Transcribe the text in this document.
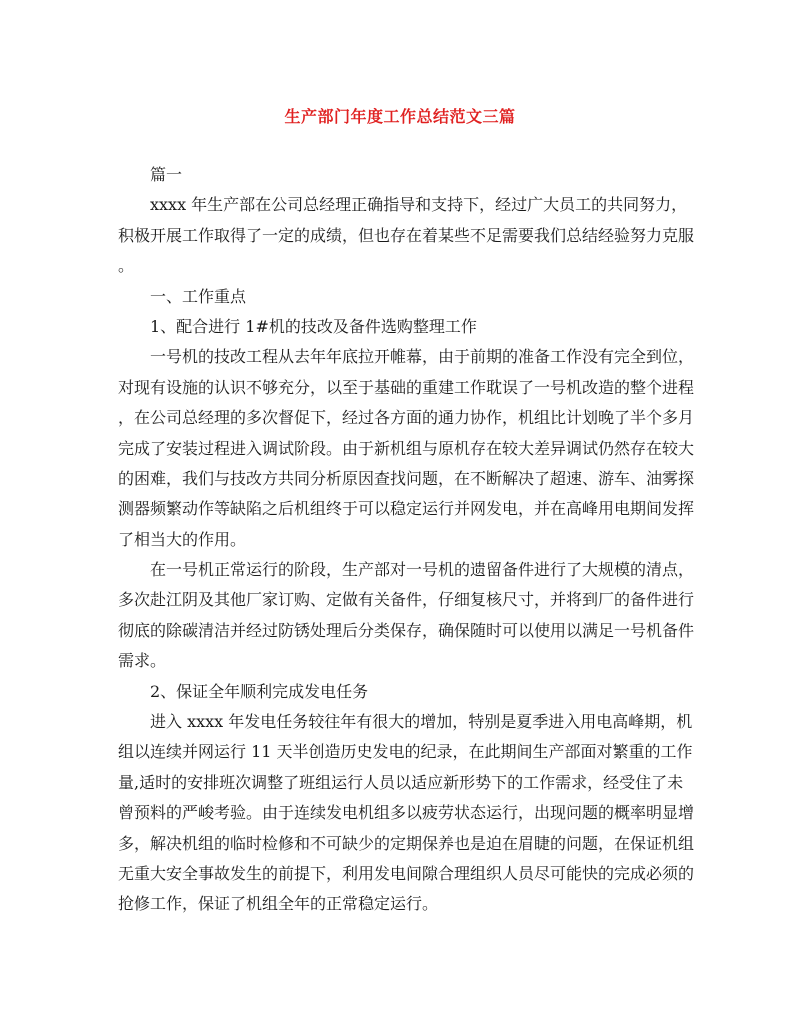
生产部门年度工作总结范文三篇
篇一
xxxx 年生产部在公司总经理正确指导和支持下，经过广大员工的共同努力，
积极开展工作取得了一定的成绩，但也存在着某些不足需要我们总结经验努力克服
。
一、工作重点
1、配合进行 1#机的技改及备件选购整理工作
一号机的技改工程从去年年底拉开帷幕，由于前期的准备工作没有完全到位，
对现有设施的认识不够充分，以至于基础的重建工作耽误了一号机改造的整个进程
，在公司总经理的多次督促下，经过各方面的通力协作，机组比计划晚了半个多月
完成了安装过程进入调试阶段。由于新机组与原机存在较大差异调试仍然存在较大
的困难，我们与技改方共同分析原因查找问题，在不断解决了超速、游车、油雾探
测器频繁动作等缺陷之后机组终于可以稳定运行并网发电，并在高峰用电期间发挥
了相当大的作用。
在一号机正常运行的阶段，生产部对一号机的遗留备件进行了大规模的清点，
多次赴江阴及其他厂家订购、定做有关备件，仔细复核尺寸，并将到厂的备件进行
彻底的除碳清洁并经过防锈处理后分类保存，确保随时可以使用以满足一号机备件
需求。
2、保证全年顺利完成发电任务
进入 xxxx 年发电任务较往年有很大的增加，特别是夏季进入用电高峰期，机
组以连续并网运行 11 天半创造历史发电的纪录，在此期间生产部面对繁重的工作
量,适时的安排班次调整了班组运行人员以适应新形势下的工作需求，经受住了未
曾预料的严峻考验。由于连续发电机组多以疲劳状态运行，出现问题的概率明显增
多，解决机组的临时检修和不可缺少的定期保养也是迫在眉睫的问题，在保证机组
无重大安全事故发生的前提下，利用发电间隙合理组织人员尽可能快的完成必须的
抢修工作，保证了机组全年的正常稳定运行。
